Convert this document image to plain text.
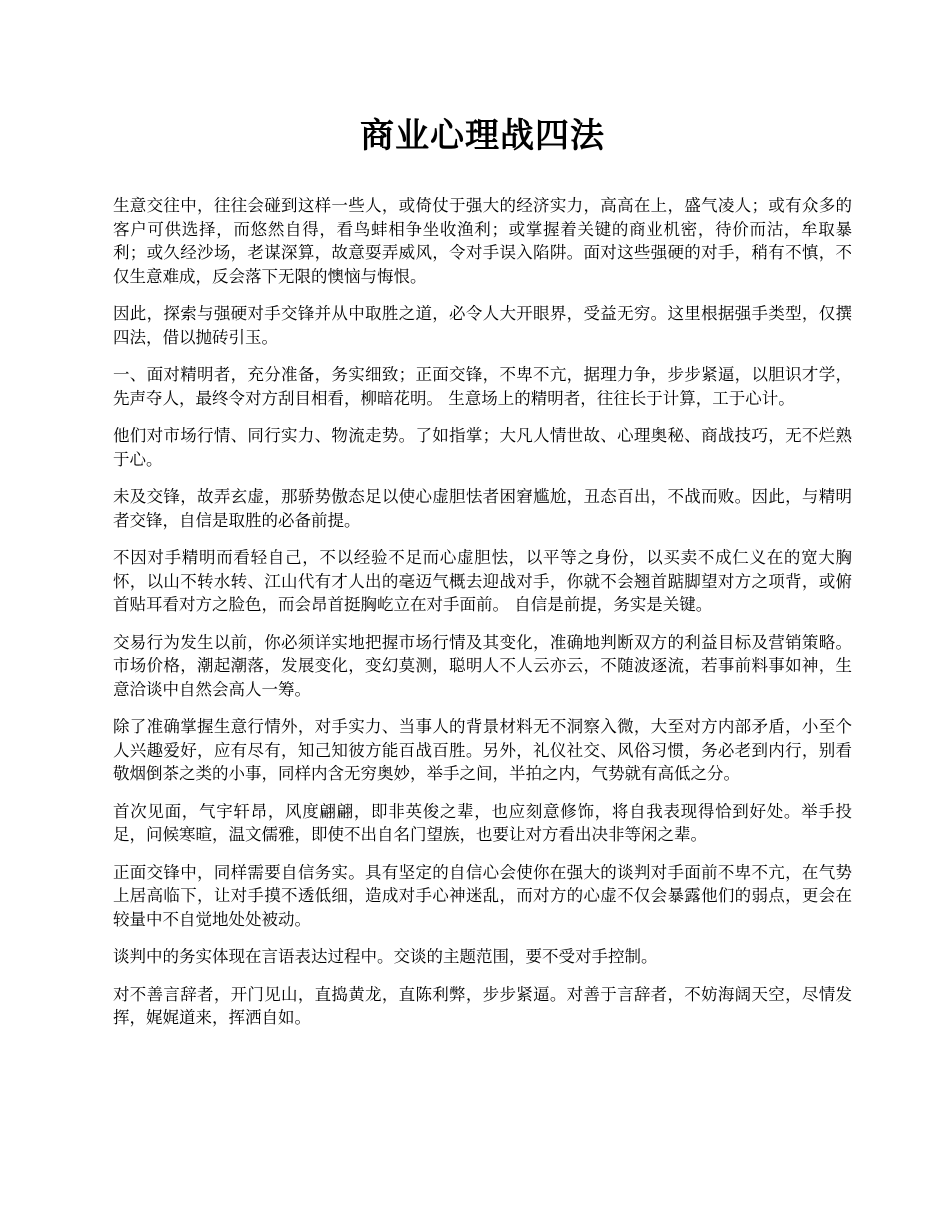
商业心理战四法

生意交往中，往往会碰到这样一些人，或倚仗于强大的经济实力，高高在上，盛气凌人；或有众多的客户可供选择，而悠然自得，看鸟蚌相争坐收渔利；或掌握着关键的商业机密，待价而沽，牟取暴利；或久经沙场，老谋深算，故意耍弄威风，令对手误入陷阱。面对这些强硬的对手，稍有不慎，不仅生意难成，反会落下无限的懊恼与悔恨。

因此，探索与强硬对手交锋并从中取胜之道，必令人大开眼界，受益无穷。这里根据强手类型，仅撰四法，借以抛砖引玉。

一、面对精明者，充分准备，务实细致；正面交锋，不卑不亢，据理力争，步步紧逼，以胆识才学，先声夺人，最终令对方刮目相看，柳暗花明。 生意场上的精明者，往往长于计算，工于心计。

他们对市场行情、同行实力、物流走势。了如指掌；大凡人情世故、心理奥秘、商战技巧，无不烂熟于心。

未及交锋，故弄玄虚，那骄势傲态足以使心虚胆怯者困窘尴尬，丑态百出，不战而败。因此，与精明者交锋，自信是取胜的必备前提。

不因对手精明而看轻自己，不以经验不足而心虚胆怯，以平等之身份，以买卖不成仁义在的宽大胸怀，以山不转水转、江山代有才人出的毫迈气概去迎战对手，你就不会翘首踮脚望对方之项背，或俯首贴耳看对方之脸色，而会昂首挺胸屹立在对手面前。 自信是前提，务实是关键。

交易行为发生以前，你必须详实地把握市场行情及其变化，准确地判断双方的利益目标及营销策略。市场价格，潮起潮落，发展变化，变幻莫测，聪明人不人云亦云，不随波逐流，若事前料事如神，生意洽谈中自然会高人一筹。

除了准确掌握生意行情外，对手实力、当事人的背景材料无不洞察入微，大至对方内部矛盾，小至个人兴趣爱好，应有尽有，知己知彼方能百战百胜。另外，礼仪社交、风俗习惯，务必老到内行，别看敬烟倒茶之类的小事，同样内含无穷奥妙，举手之间，半拍之内，气势就有高低之分。

首次见面，气宇轩昂，风度翩翩，即非英俊之辈，也应刻意修饰，将自我表现得恰到好处。举手投足，问候寒暄，温文儒雅，即使不出自名门望族，也要让对方看出决非等闲之辈。

正面交锋中，同样需要自信务实。具有坚定的自信心会使你在强大的谈判对手面前不卑不亢，在气势上居高临下，让对手摸不透低细，造成对手心神迷乱，而对方的心虚不仅会暴露他们的弱点，更会在较量中不自觉地处处被动。

谈判中的务实体现在言语表达过程中。交谈的主题范围，要不受对手控制。

对不善言辞者，开门见山，直捣黄龙，直陈利弊，步步紧逼。对善于言辞者，不妨海阔天空，尽情发挥，娓娓道来，挥洒自如。
